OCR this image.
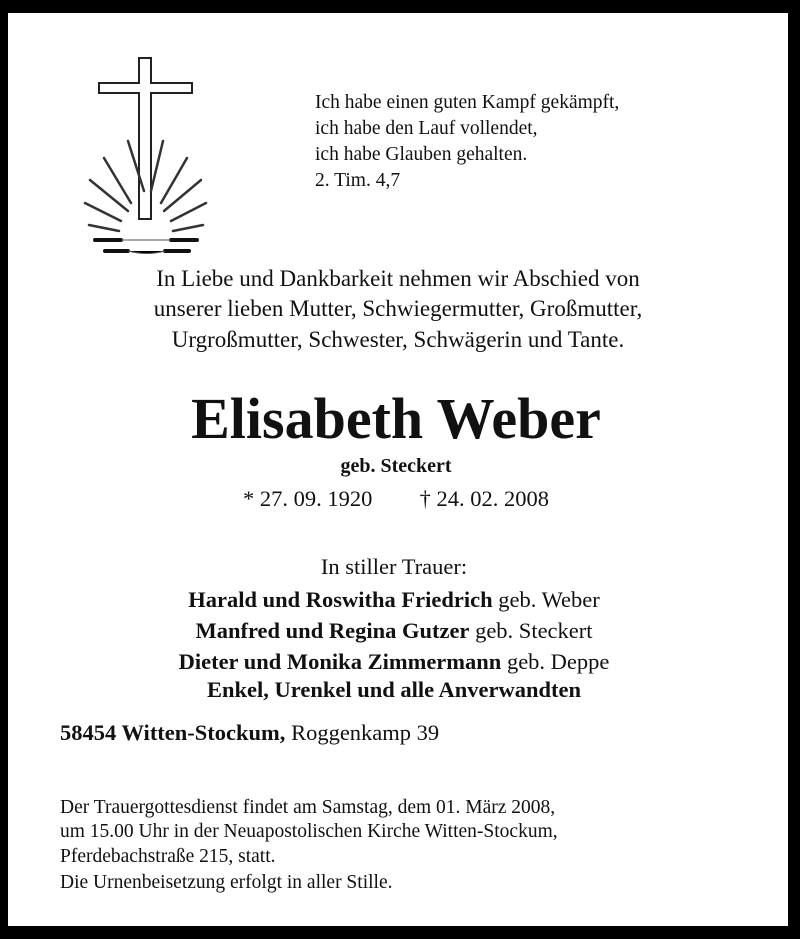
Ich habe einen guten Kampf gekämpft,
ich habe den Lauf vollendet,
ich habe Glauben gehalten.
2. Tim. 4,7
In Liebe und Dankbarkeit nehmen wir Abschied von
unserer lieben Mutter, Schwiegermutter, Großmutter,
Urgroßmutter, Schwester, Schwägerin und Tante.
Elisabeth Weber
geb. Steckert
* 27. 09. 1920 † 24. 02. 2008
In stiller Trauer:
Harald und Roswitha Friedrich geb. Weber
Manfred und Regina Gutzer geb. Steckert
Dieter und Monika Zimmermann geb. Deppe
Enkel, Urenkel und alle Anverwandten
58454 Witten-Stockum, Roggenkamp 39
Der Trauergottesdienst findet am Samstag, dem 01. März 2008,
um 15.00 Uhr in der Neuapostolischen Kirche Witten-Stockum,
Pferdebachstraße 215, statt.
Die Urnenbeisetzung erfolgt in aller Stille.
